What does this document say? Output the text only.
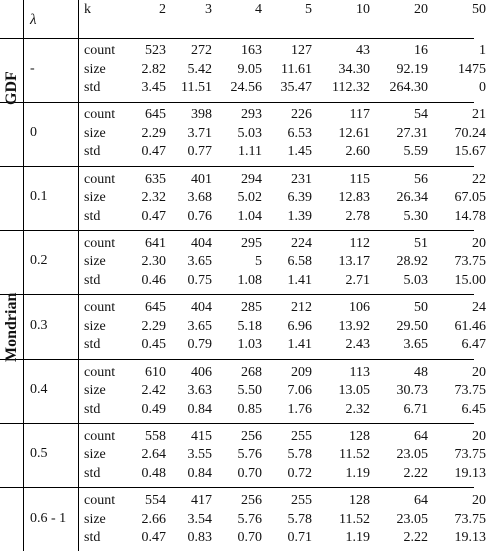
λ
k	2	3	4	5	10	20	50
-
count	523	272	163	127	43	16	1
size	2.82	5.42	9.05	11.61	34.30	92.19	1475
std	3.45	11.51	24.56	35.47	112.32	264.30	0
GDF
0
count	645	398	293	226	117	54	21
size	2.29	3.71	5.03	6.53	12.61	27.31	70.24
std	0.47	0.77	1.11	1.45	2.60	5.59	15.67
0.1
count	635	401	294	231	115	56	22
size	2.32	3.68	5.02	6.39	12.83	26.34	67.05
std	0.47	0.76	1.04	1.39	2.78	5.30	14.78
0.2
count	641	404	295	224	112	51	20
size	2.30	3.65	5	6.58	13.17	28.92	73.75
std	0.46	0.75	1.08	1.41	2.71	5.03	15.00
0.3
count	645	404	285	212	106	50	24
size	2.29	3.65	5.18	6.96	13.92	29.50	61.46
std	0.45	0.79	1.03	1.41	2.43	3.65	6.47
0.4
count	610	406	268	209	113	48	20
size	2.42	3.63	5.50	7.06	13.05	30.73	73.75
std	0.49	0.84	0.85	1.76	2.32	6.71	6.45
0.5
count	558	415	256	255	128	64	20
size	2.64	3.55	5.76	5.78	11.52	23.05	73.75
std	0.48	0.84	0.70	0.72	1.19	2.22	19.13
0.6 - 1
count	554	417	256	255	128	64	20
size	2.66	3.54	5.76	5.78	11.52	23.05	73.75
std	0.47	0.83	0.70	0.71	1.19	2.22	19.13
Mondrian
